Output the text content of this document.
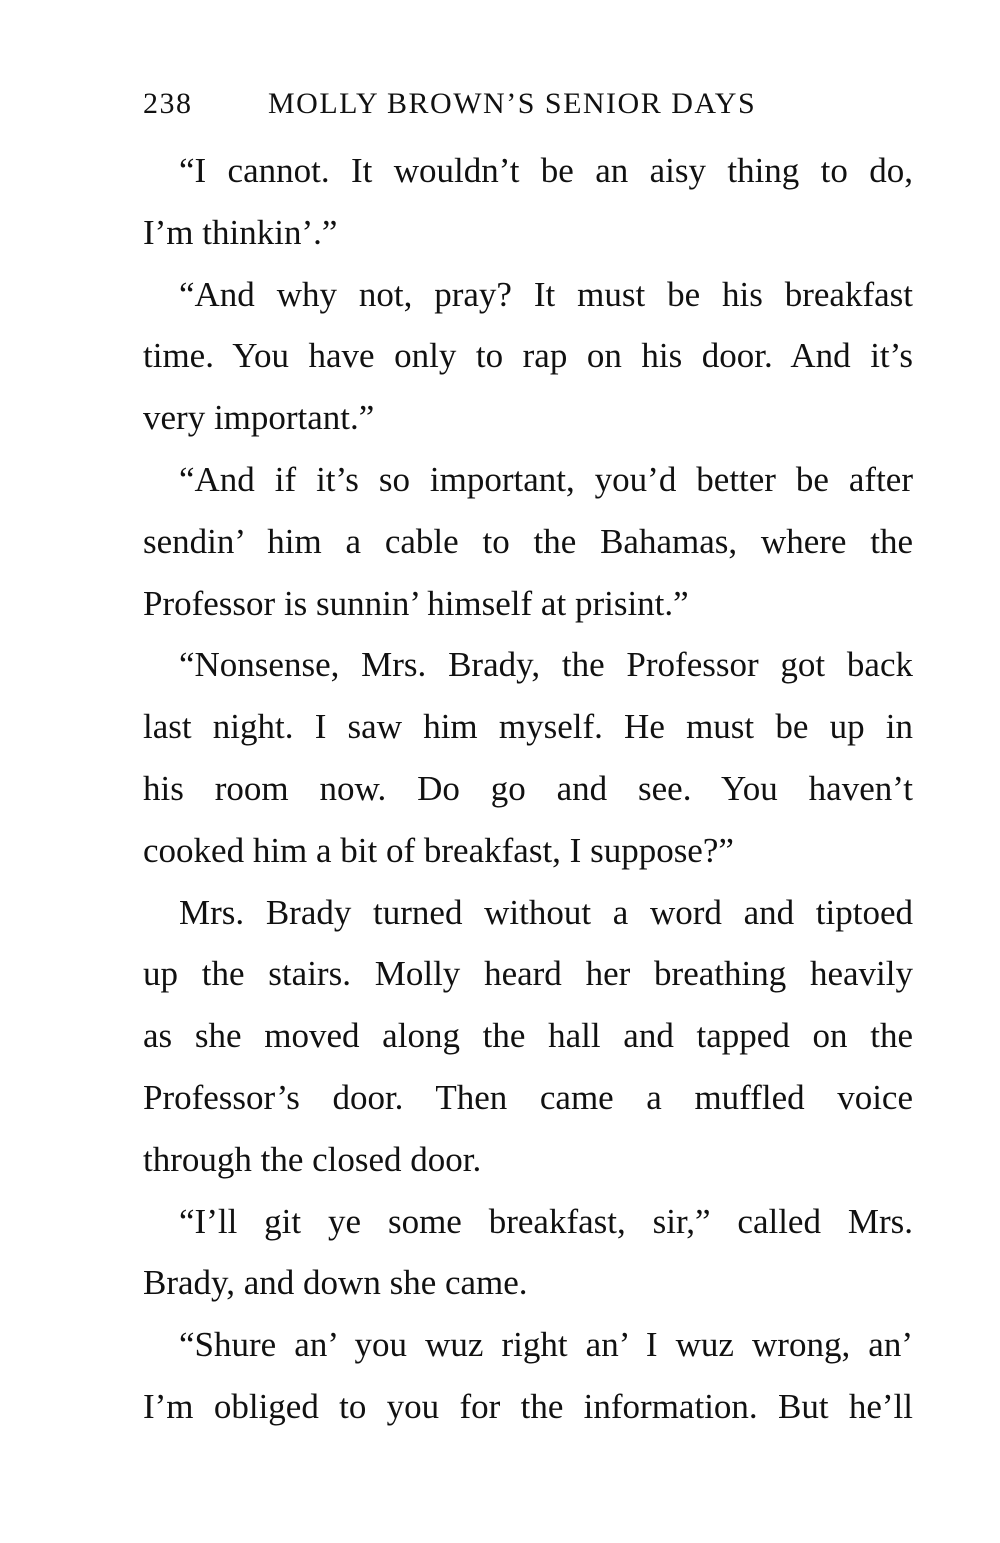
238	MOLLY BROWN’S SENIOR DAYS
“I cannot. It wouldn’t be an aisy thing to do,
I’m thinkin’.”
“And why not, pray? It must be his breakfast
time. You have only to rap on his door. And it’s
very important.”
“And if it’s so important, you’d better be after
sendin’ him a cable to the Bahamas, where the
Professor is sunnin’ himself at prisint.”
“Nonsense, Mrs. Brady, the Professor got back
last night. I saw him myself. He must be up in
his room now. Do go and see. You haven’t
cooked him a bit of breakfast, I suppose?”
Mrs. Brady turned without a word and tiptoed
up the stairs. Molly heard her breathing heavily
as she moved along the hall and tapped on the
Professor’s door. Then came a muffled voice
through the closed door.
“I’ll git ye some breakfast, sir,” called Mrs.
Brady, and down she came.
“Shure an’ you wuz right an’ I wuz wrong, an’
I’m obliged to you for the information. But he’ll
